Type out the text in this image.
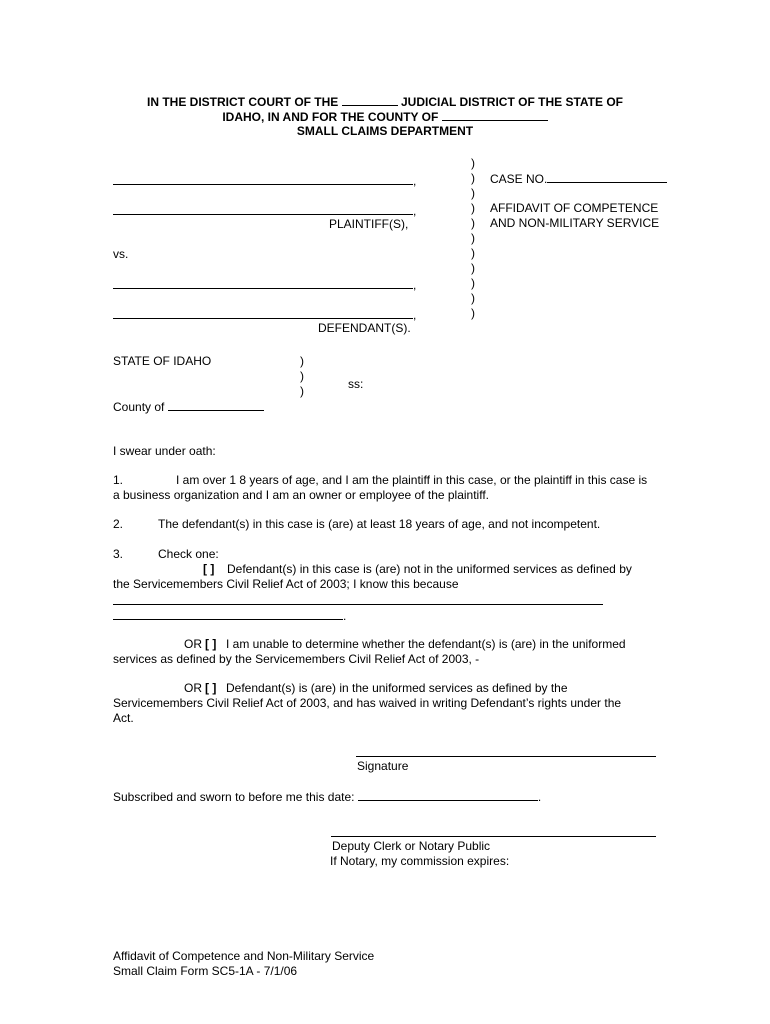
IN THE DISTRICT COURT OF THE	JUDICIAL DISTRICT OF THE STATE OF
IDAHO, IN AND FOR THE COUNTY OF
SMALL CLAIMS DEPARTMENT
,
,
PLAINTIFF(S),
vs.
,
,
DEFENDANT(S).
)
)
)
)
)
)
)
)
)
)
)
CASE NO.
AFFIDAVIT OF COMPETENCE
AND NON-MILITARY SERVICE
STATE OF IDAHO	)
)
)	ss:
County of
I swear under oath:
1.	I am over 1 8 years of age, and I am the plaintiff in this case, or the plaintiff in this case is
a business organization and I am an owner or employee of the plaintiff.
2.	The defendant(s) in this case is (are) at least 18 years of age, and not incompetent.
3.	Check one:
[ ] Defendant(s) in this case is (are) not in the uniformed services as defined by
the Servicemembers Civil Relief Act of 2003; I know this because
.
OR [ ] I am unable to determine whether the defendant(s) is (are) in the uniformed
services as defined by the Servicemembers Civil Relief Act of 2003, -
OR [ ] Defendant(s) is (are) in the uniformed services as defined by the
Servicemembers Civil Relief Act of 2003, and has waived in writing Defendant’s rights under the
Act.
Signature
Subscribed and sworn to before me this date:	.
Deputy Clerk or Notary Public
If Notary, my commission expires:
Affidavit of Competence and Non-Military Service
Small Claim Form SC5-1A - 7/1/06
